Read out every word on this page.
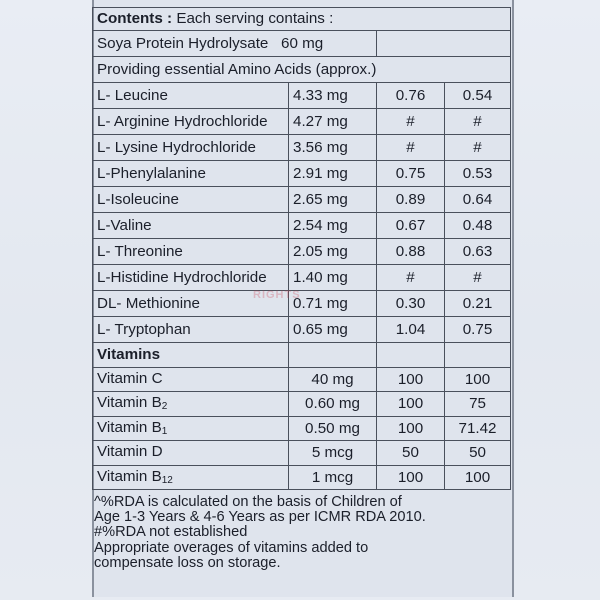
Contents : Each serving contains :			
Soya Protein Hydrolysate 60 mg			
Providing essential Amino Acids (approx.)			
L- Leucine	4.33 mg	0.76	0.54
L- Arginine Hydrochloride	4.27 mg	#	#
L- Lysine Hydrochloride	3.56 mg	#	#
L-Phenylalanine	2.91 mg	0.75	0.53
L-Isoleucine	2.65 mg	0.89	0.64
L-Valine	2.54 mg	0.67	0.48
L- Threonine	2.05 mg	0.88	0.63
L-Histidine Hydrochloride	1.40 mg	#	#
DL- Methionine	0.71 mg	0.30	0.21
L- Tryptophan	0.65 mg	1.04	0.75
Vitamins			
Vitamin C	40 mg	100	100
Vitamin $B_2$	0.60 mg	100	75
Vitamin $B_1$	0.50 mg	100	71.42
Vitamin D	5 mcg	50	50
Vitamin $B_{12}$	1 mcg	100	100
RIGHTS
^%RDA is calculated on the basis of Children of
Age 1-3 Years & 4-6 Years as per ICMR RDA 2010.
#%RDA not established
Appropriate overages of vitamins added to
compensate loss on storage.
